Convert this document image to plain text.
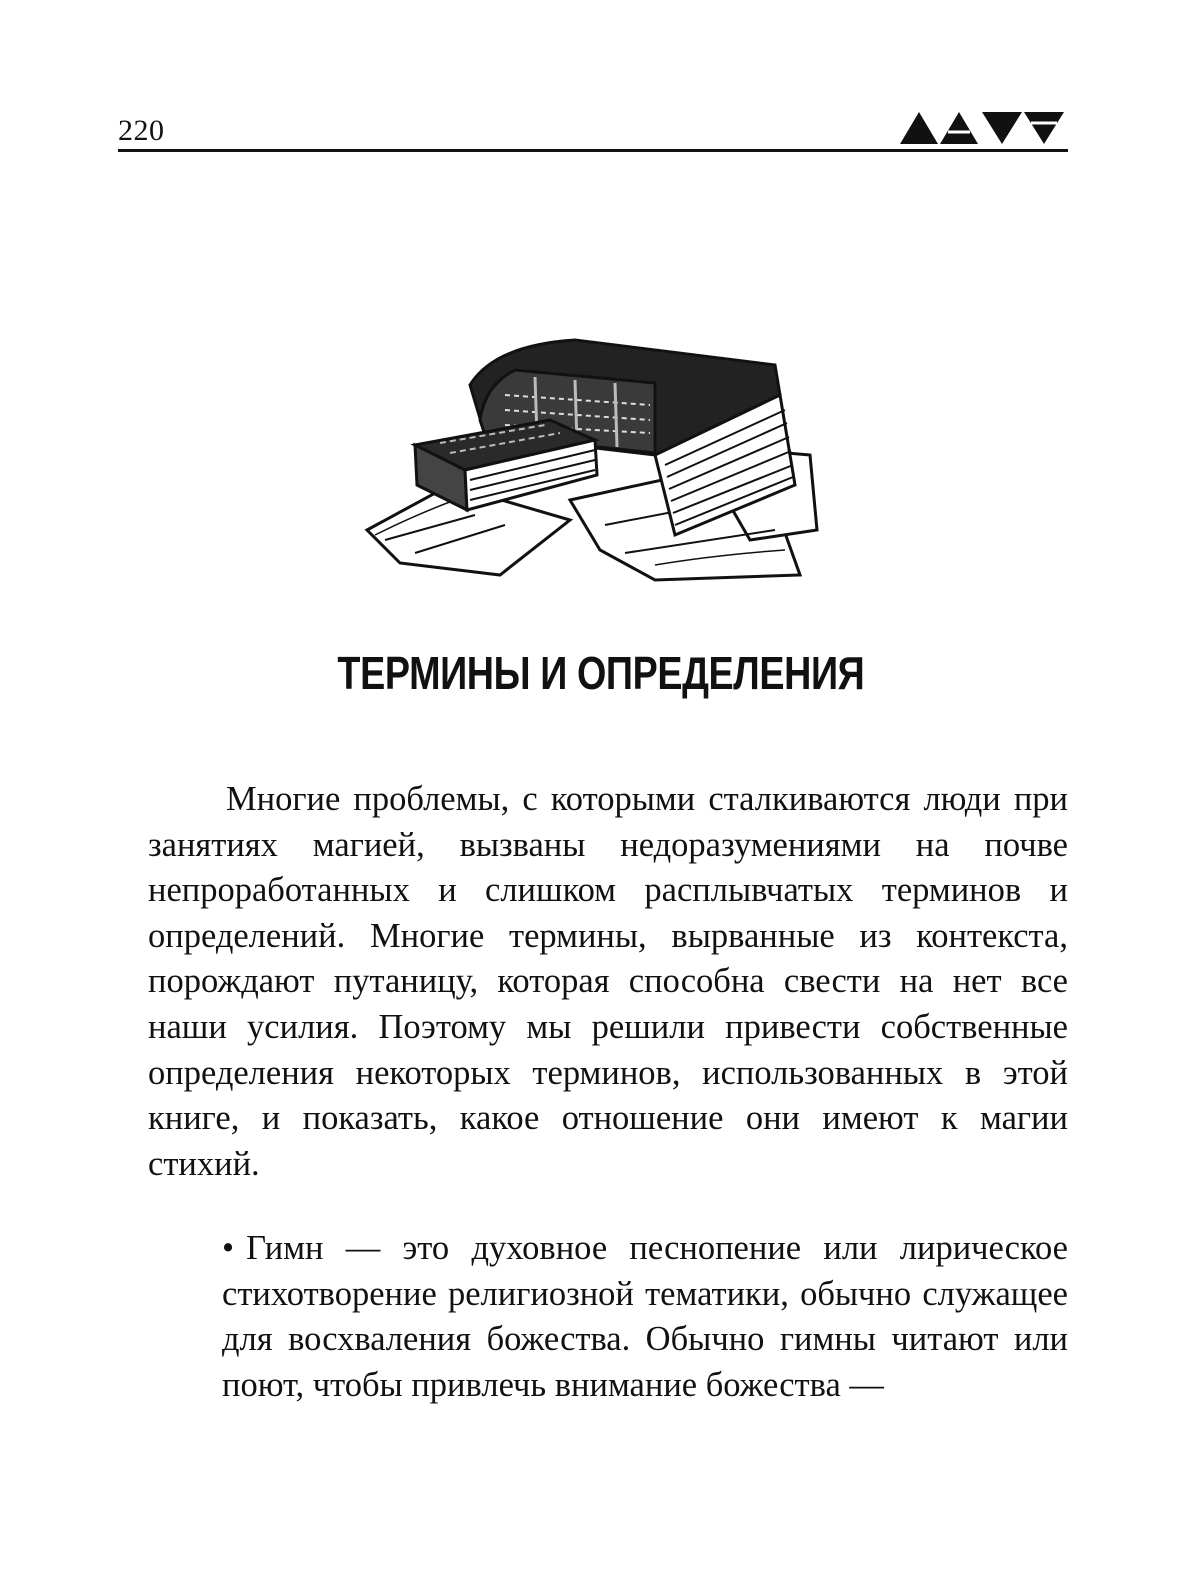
220
ТЕРМИНЫ И ОПРЕДЕЛЕНИЯ

Многие проблемы, с которыми сталкиваются люди при занятиях магией, вызваны недоразумениями на почве непроработанных и слишком расплывчатых терминов и определений. Многие термины, вырванные из контекста, порождают путаницу, которая способна свести на нет все наши усилия. Поэтому мы решили привести собственные определения некоторых терминов, использованных в этой книге, и показать, какое отношение они имеют к магии стихий.

• Гимн — это духовное песнопение или лирическое стихотворение религиозной тематики, обычно служащее для восхваления божества. Обычно гимны читают или поют, чтобы привлечь внимание божества —
